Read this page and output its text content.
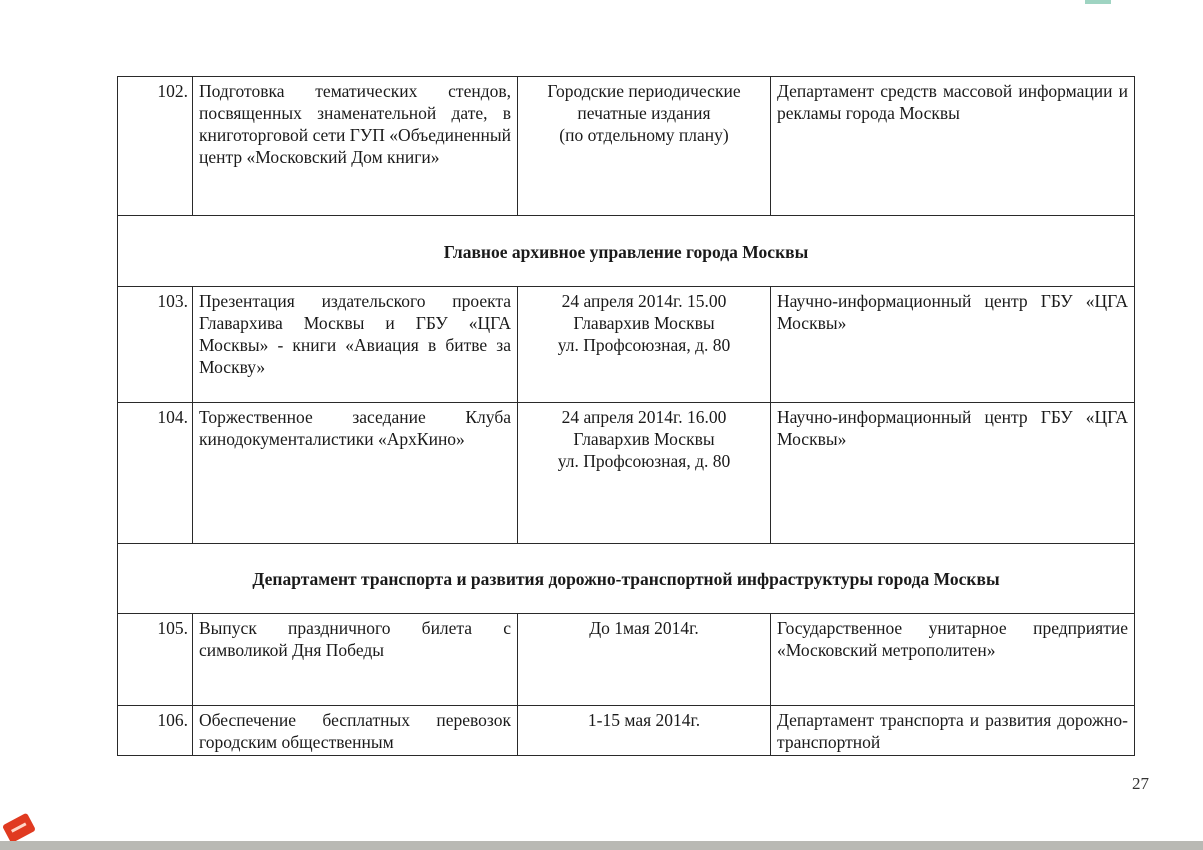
102.	Подготовка тематических стендов, посвященных знаменательной дате, в книготорговой сети ГУП «Объединенный центр «Московский Дом книги»	Городские периодические
печатные издания
(по отдельному плану)	Департамент средств массовой информации и рекламы города Москвы
Главное архивное управление города Москвы			
103.	Презентация издательского проекта Главархива Москвы и ГБУ «ЦГА Москвы» - книги «Авиация в битве за Москву»	24 апреля 2014г. 15.00
Главархив Москвы
ул. Профсоюзная, д. 80	Научно-информационный центр ГБУ «ЦГА Москвы»
104.	Торжественное заседание Клуба кинодокументалистики «АрхКино»	24 апреля 2014г. 16.00
Главархив Москвы
ул. Профсоюзная, д. 80	Научно-информационный центр ГБУ «ЦГА Москвы»
Департамент транспорта и развития дорожно-транспортной инфраструктуры города Москвы			
105.	Выпуск праздничного билета с символикой Дня Победы	До 1мая 2014г.	Государственное унитарное предприятие «Московский метрополитен»
106.	Обеспечение бесплатных перевозок городским общественным	1-15 мая 2014г.	Департамент транспорта и развития дорожно-транспортной
27
